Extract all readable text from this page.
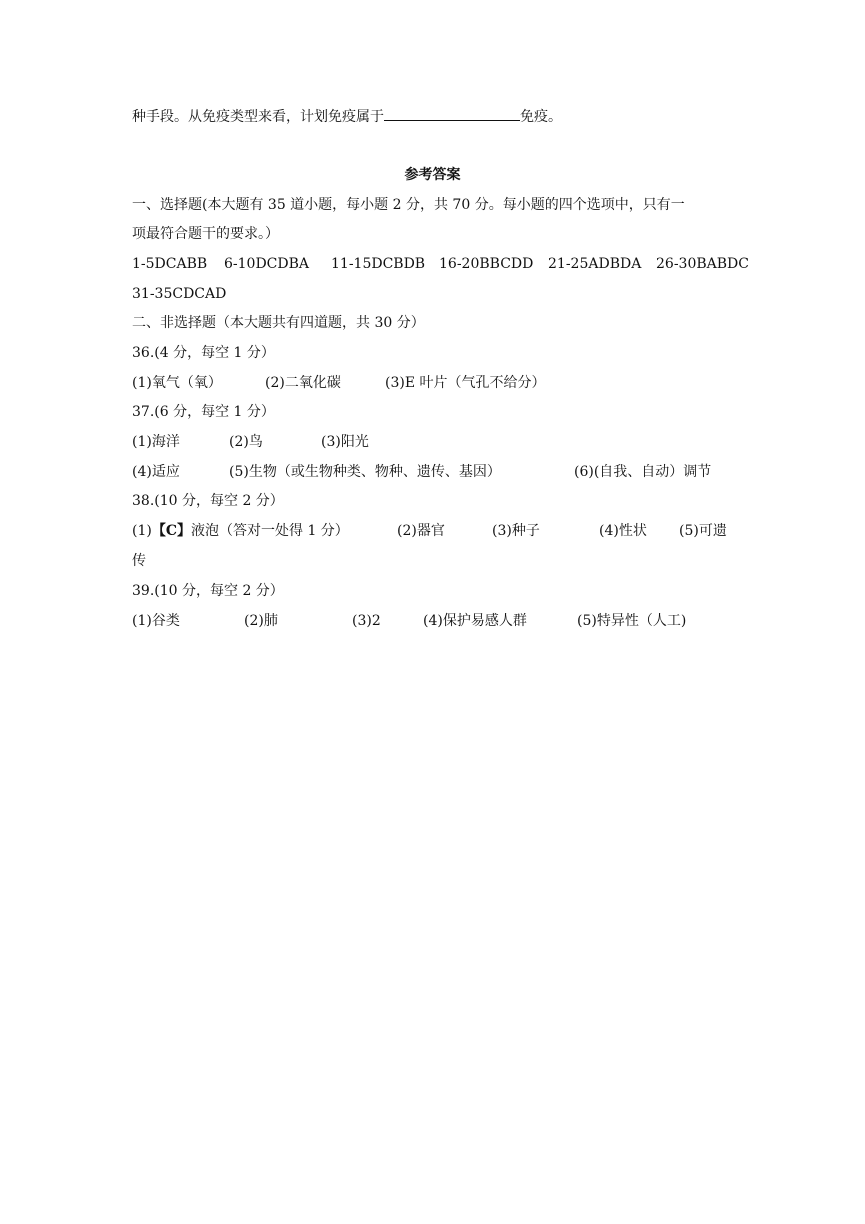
种手段。从免疫类型来看，计划免疫属于	免疫。
参考答案
一、选择题(本大题有 35 道小题，每小题 2 分，共 70 分。每小题的四个选项中，只有一
项最符合题干的要求。）
1-5DCABB 6-10DCDBA 11-15DCBDB 16-20BBCDD 21-25ADBDA 26-30BABDC
31-35CDCAD
二、非选择题（本大题共有四道题，共 30 分）
36.(4 分，每空 1 分）
(1)氧气（氧）	(2)二氧化碳	(3)E 叶片（气孔不给分）
37.(6 分，每空 1 分）
(1)海洋	(2)鸟	(3)阳光
(4)适应	(5)生物（或生物种类、物种、遗传、基因）	(6)(自我、自动）调节
38.(10 分，每空 2 分）
(1)【C】液泡（答对一处得 1 分）	(2)器官	(3)种子	(4)性状 (5)可遗
传
39.(10 分，每空 2 分）
(1)谷类	(2)肺	(3)2	(4)保护易感人群	(5)特异性（人工)
